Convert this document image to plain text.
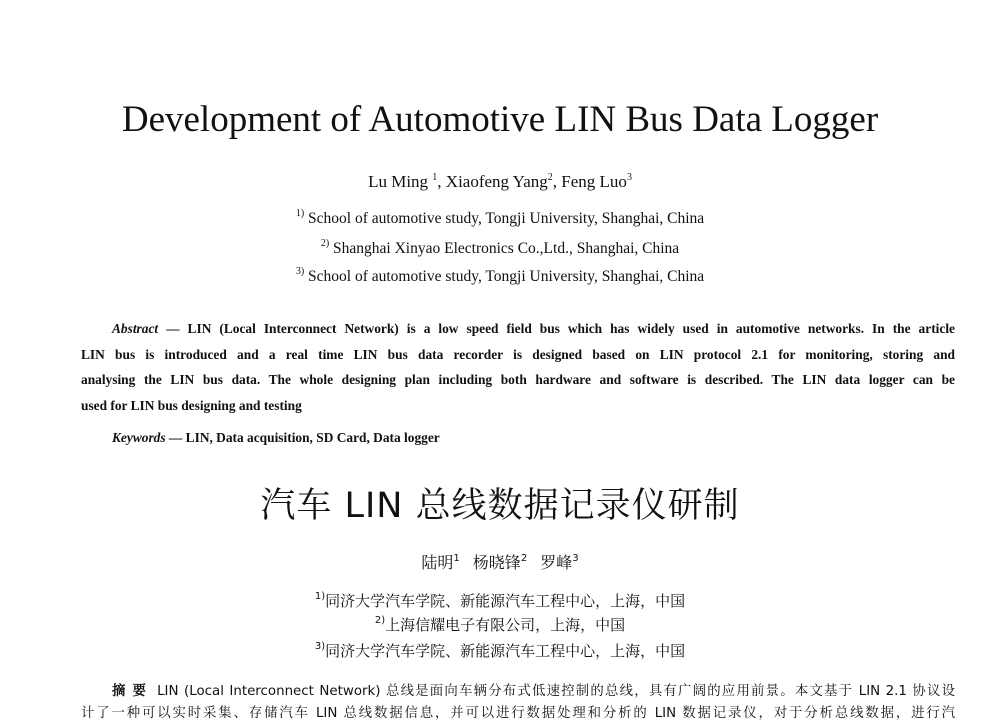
Development of Automotive LIN Bus Data Logger
Lu Ming $^1$, Xiaofeng Yang$^2$, Feng Luo$^3$
$^{1)}$ School of automotive study, Tongji University, Shanghai, China
$^{2)}$ Shanghai Xinyao Electronics Co.,Ltd., Shanghai, China
$^{3)}$ School of automotive study, Tongji University, Shanghai, China
Abstract — LIN (Local Interconnect Network) is a low speed field bus which has widely used in automotive networks. In the article
LIN bus is introduced and a real time LIN bus data recorder is designed based on LIN protocol 2.1 for monitoring, storing and
analysing the LIN bus data. The whole designing plan including both hardware and software is described. The LIN data logger can be
used for LIN bus designing and testing
Keywords — LIN, Data acquisition, SD Card, Data logger
汽车 LIN 总线数据记录仪研制
陆明$^1$ 杨晓锋$^2$ 罗峰$^3$
$^{1)}$同济大学汽车学院、新能源汽车工程中心，上海，中国
$^{2)}$上海信耀电子有限公司，上海，中国
$^{3)}$同济大学汽车学院、新能源汽车工程中心，上海，中国
摘 要 LIN (Local Interconnect Network) 总线是面向车辆分布式低速控制的总线，具有广阔的应用前景。本文基于 LIN 2.1 协议设
计了一种可以实时采集、存储汽车 LIN 总线数据信息，并可以进行数据处理和分析的 LIN 数据记录仪，对于分析总线数据，进行汽
